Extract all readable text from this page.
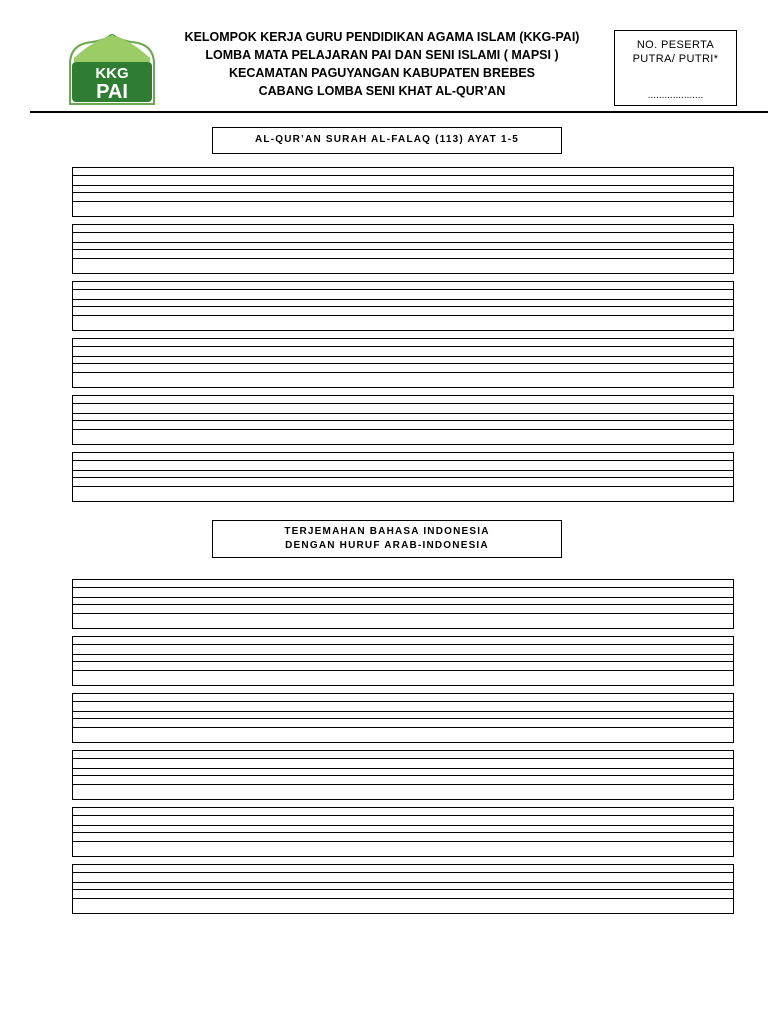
KKG
PAI
KELOMPOK KERJA GURU PENDIDIKAN AGAMA ISLAM (KKG-PAI)
LOMBA MATA PELAJARAN PAI DAN SENI ISLAMI ( MAPSI )
KECAMATAN PAGUYANGAN KABUPATEN BREBES
CABANG LOMBA SENI KHAT AL-QUR’AN
NO. PESERTA
PUTRA/ PUTRI*
....................
AL-QUR’AN SURAH AL-FALAQ (113) AYAT 1-5
TERJEMAHAN BAHASA INDONESIA
DENGAN HURUF ARAB-INDONESIA
